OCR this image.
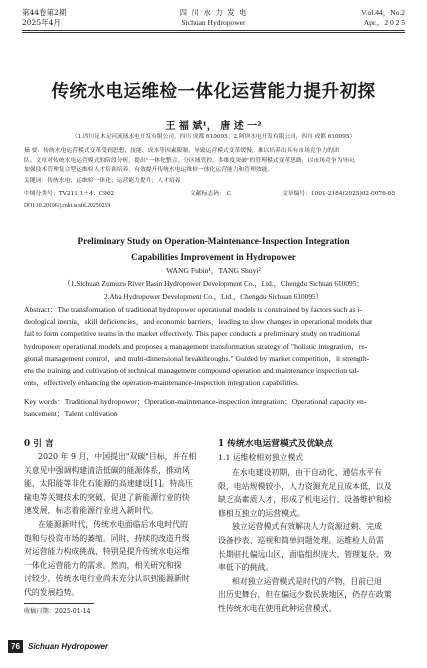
第44卷第2期
2025年4月
四 川 水 力 发 电
Sichuan Hydropower
V.ol.44，No.2
Apr.，2 0 2 5
传统水电运维检一体化运营能力提升初探
王 福 斌¹， 唐 述 一²
（1.四川足木足河流域水电开发有限公司，四川 成都 610095；2.阿坝水电开发有限公司，四川 成都 610095）
摘 要：传统水电运营模式变革受到思想、技能、成本等因素限制，导致运营模式变革缓慢，难以培养出具有市场竞争力的团
队。文章对传统水电运营模式的阶段分析，提出"一体化整合，分区域管控，多维度突破"的管理模式变革思路，以市场竞争为导向，
加强技术管理复合型运维检人才培训培养，有效提升传统水电运维检一体化运营能力和管理效能。
关键词：传统水电；运维检一体化；运营能力提升；人才培养
中图分类号：TV211.1＋4；C962	文献标志码： C	文章编号：1001-2184(2025)02-0076-05
DOI:10.20196/j.cnki.scsfd.20250219
Preliminary Study on Operation-Maintenance-Inspection Integration
Capabilities Improvement in Hydropower
WANG Fubin¹，TANG Shuyi²
（1.Sichuan Zumuzu River Basin Hydropower Development Co.，Ltd.，Chengdu Sichuan 610095；
2.Aba Hydropower Development Co.，Ltd.，Chengdu Sichuan 610095）
Abstract：The transformation of traditional hydropower operational models is constrained by factors such as i-
deological inertia，skill deficiencies，and economic barriers，leading to slow changes in operational models that
fail to form competitive teams in the market effectively. This paper conducts a preliminary study on traditional
hydropower operational models and proposes a management transformation strategy of "holistic integration，re-
gional management control，and multi-dimensional breakthroughs." Guided by market competition，it strength-
ens the training and cultivation of technical management compound operation and maintenance inspection tal-
ents，effectively enhancing the operation-maintenance-inspection integration capabilities.
Key words：Traditional hydropower；Operation-maintenance-inspection integration；Operational capacity en-
hancement；Talent cultivation
0 引 言
2020 年 9 月，中国提出"双碳"目标，并在相
关意见中强调构建清洁低碳的能源体系，推动风
能、太阳能等非化石能源的高速建设[1]。特高压
输电等关键技术的突破，促进了新能源行业的快
速发展，标志着能源行业进入新时代。
在能源新时代，传统水电面临后水电时代的
饱和与投资市场的萎缩。同时，持续的改造升级
对运营能力构成挑战，特别是提升传统水电运维
一体化运营能力的需求。然而，相关研究和探
讨较少，传统水电行业尚未充分认识到能源新时
代的发展趋势。
收稿日期：2025-01-14
1 传统水电运营模式及优缺点
1.1 运维检相对独立模式
在水电建设初期，由于自动化、通信水平有
限，电站规模较小，人力资源充足且成本低，以及
缺乏高素质人才，形成了机电运行、设备维护和检
修相互独立的运营模式。
独立运营模式有效解决人力资源过剩、完成
设备抄表、巡视和简单问题处理。运维检人员需
长期驻扎偏远山区，面临组织庞大、管理复杂、效
率低下的挑战。
相对独立运营模式是时代的产物，目前已退
出历史舞台，但在偏远少数民族地区，仍存在政策
性传统水电在使用此种运营模式。
76	Sichuan Hydropower
